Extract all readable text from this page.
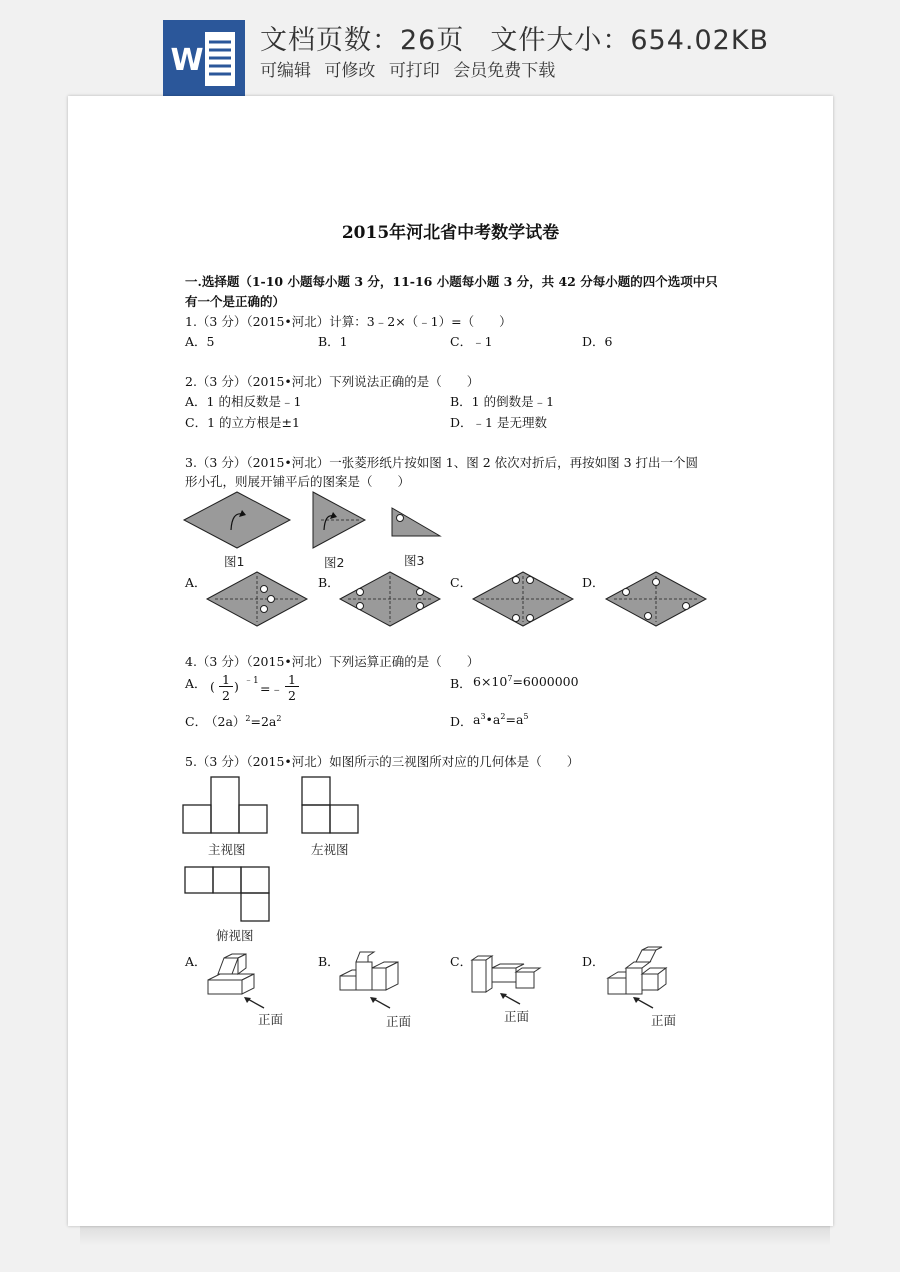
W
文档页数：26页 文件大小：654.02KB
可编辑 可修改 可打印 会员免费下载
2015年河北省中考数学试卷
一.选择题（1-10 小题每小题 3 分，11-16 小题每小题 3 分，共 42 分每小题的四个选项中只
有一个是正确的）
1.（3 分）（2015•河北）计算：3﹣2×（﹣1）=（　　）
A．5	B．1	C．﹣1	D．6
2.（3 分）（2015•河北）下列说法正确的是（　　）
A．1 的相反数是﹣1	B．1 的倒数是﹣1
C．1 的立方根是±1	D．﹣1 是无理数
3.（3 分）（2015•河北）一张菱形纸片按如图 1、图 2 依次对折后，再按如图 3 打出一个圆
形小孔，则展开铺平后的图案是（　　）
图1	图2	图3
A．	B．	C．	D．
4.（3 分）（2015•河北）下列运算正确的是（　　）
A． ( 1
2
) ﹣1 =﹣
1
2
B． $6\times 10^7=6000000$
C．
$(2a)^2=2a^2$	D． $a^3•a^2=a^5$
5.（3 分）（2015•河北）如图所示的三视图所对应的几何体是（　　）
主视图	左视图
俯视图
A．
正面
B．
正面
C．
正面
D．
正面
